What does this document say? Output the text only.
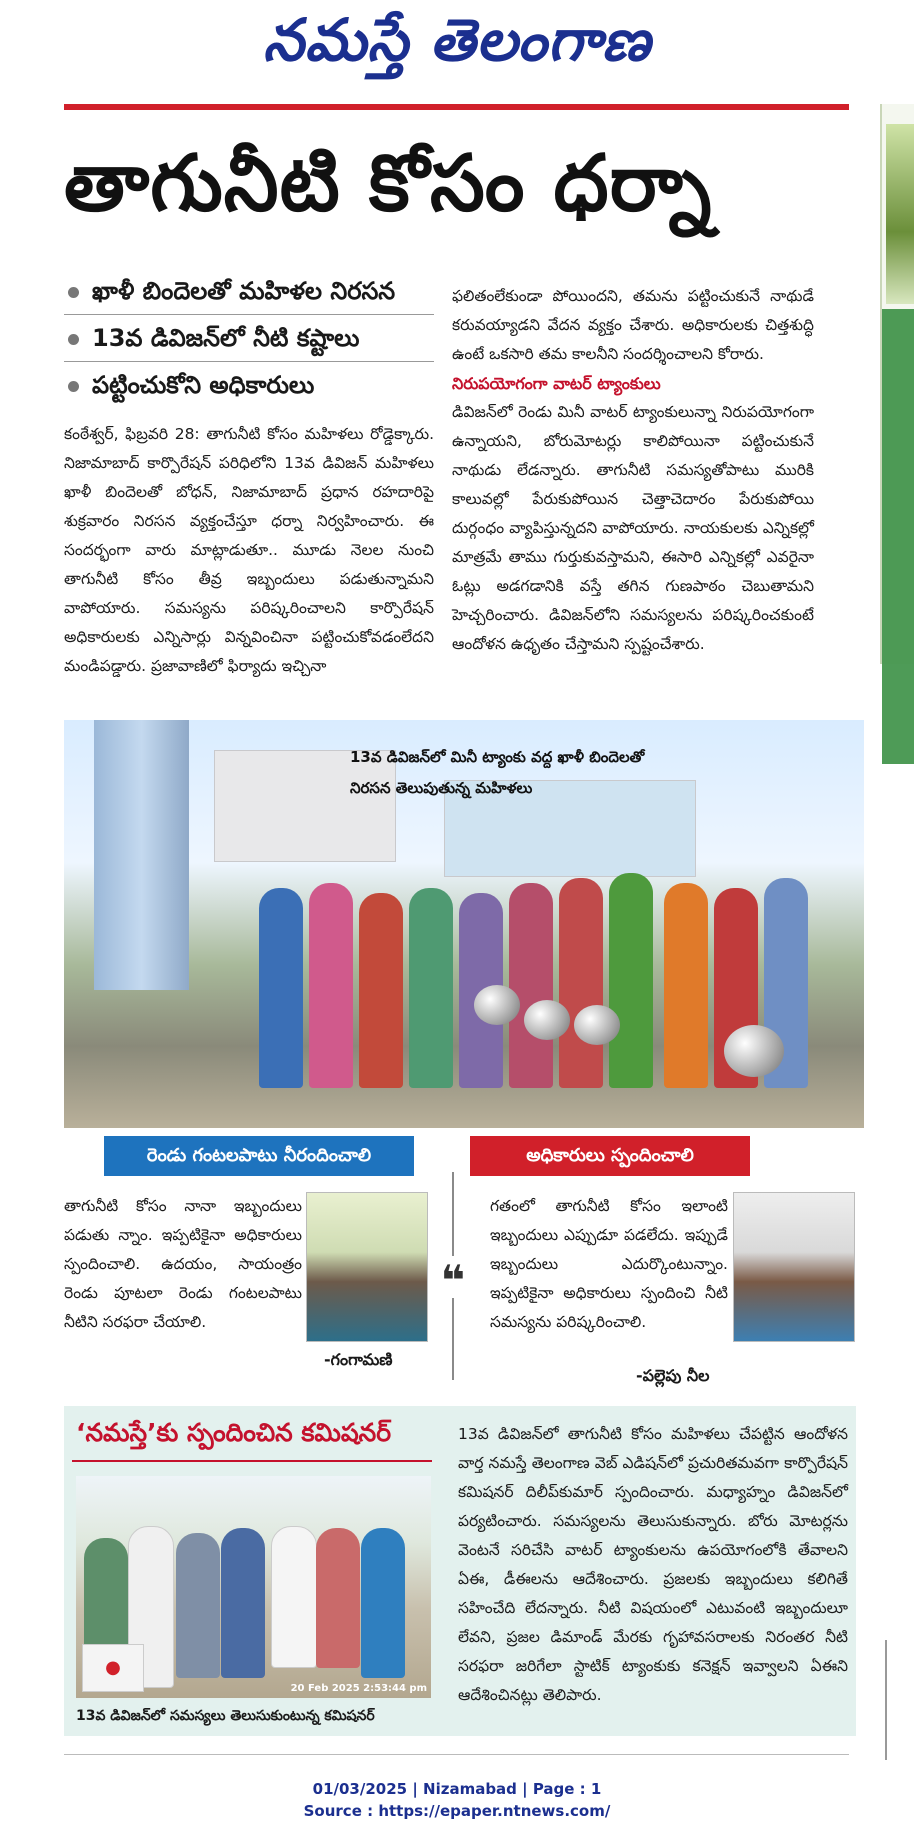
నమస్తే తెలంగాణ
తాగునీటి కోసం ధర్నా
ఖాళీ బిందెలతో మహిళల నిరసన
13వ డివిజన్‌లో నీటి కష్టాలు
పట్టించుకోని అధికారులు
కంఠేశ్వర్, ఫిబ్రవరి 28: తాగునీటి కోసం మహిళలు రోడ్డెక్కారు. నిజామాబాద్ కార్పొరేషన్ పరిధిలోని 13వ డివిజన్ మహిళలు ఖాళీ బిందెలతో బోధన్, నిజామాబాద్ ప్రధాన రహదారిపై శుక్రవారం నిరసన వ్యక్తంచేస్తూ ధర్నా నిర్వహించారు. ఈ సందర్భంగా వారు మాట్లాడుతూ.. మూడు నెలల నుంచి తాగునీటి కోసం తీవ్ర ఇబ్బందులు పడుతున్నామని వాపోయారు. సమస్యను పరిష్కరించాలని కార్పొరేషన్ అధికారులకు ఎన్నిసార్లు విన్నవించినా పట్టించుకోవడంలేదని మండిపడ్డారు. ప్రజావాణిలో ఫిర్యాదు ఇచ్చినా
ఫలితంలేకుండా పోయిందని, తమను పట్టించుకునే నాథుడే కరువయ్యాడని వేదన వ్యక్తం చేశారు. అధికారులకు చిత్తశుద్ధి ఉంటే ఒకసారి తమ కాలనీని సందర్శించాలని కోరారు.
నిరుపయోగంగా వాటర్ ట్యాంకులు
డివిజన్‌లో రెండు మినీ వాటర్ ట్యాంకులున్నా నిరుపయోగంగా ఉన్నాయని, బోరుమోటర్లు కాలిపోయినా పట్టించుకునే నాథుడు లేడన్నారు. తాగునీటి సమస్యతోపాటు మురికి కాలువల్లో పేరుకుపోయిన చెత్తాచెదారం పేరుకుపోయి దుర్గంధం వ్యాపిస్తున్నదని వాపోయారు. నాయకులకు ఎన్నికల్లో మాత్రమే తాము గుర్తుకువస్తామని, ఈసారి ఎన్నికల్లో ఎవరైనా ఓట్లు అడగడానికి వస్తే తగిన గుణపాఠం చెబుతామని హెచ్చరించారు. డివిజన్‌లోని సమస్యలను పరిష్కరించకుంటే ఆందోళన ఉధృతం చేస్తామని స్పష్టంచేశారు.
13వ డివిజన్‌లో మినీ ట్యాంకు వద్ద ఖాళీ బిందెలతో నిరసన తెలుపుతున్న మహిళలు
రెండు గంటలపాటు నీరందించాలి	అధికారులు స్పందించాలి
తాగునీటి కోసం నానా ఇబ్బందులు పడుతు న్నాం. ఇప్పటికైనా అధికారులు స్పందించాలి. ఉదయం, సాయంత్రం రెండు పూటలా రెండు గంటలపాటు నీటిని సరఫరా చేయాలి.
-గంగామణి
❝
గతంలో తాగునీటి కోసం ఇలాంటి ఇబ్బందులు ఎప్పుడూ పడలేదు. ఇప్పుడే ఇబ్బందులు ఎదుర్కొంటున్నాం. ఇప్పటికైనా అధికారులు స్పందించి నీటి సమస్యను పరిష్కరించాలి.
-పల్లెపు నీల
‘నమస్తే’కు స్పందించిన కమిషనర్
20 Feb 2025 2:53:44 pm
●
13వ డివిజన్‌లో సమస్యలు తెలుసుకుంటున్న కమిషనర్
13వ డివిజన్‌లో తాగునీటి కోసం మహిళలు చేపట్టిన ఆందోళన వార్త నమస్తే తెలంగాణ వెబ్ ఎడిషన్‌లో ప్రచురితమవగా కార్పొరేషన్ కమిషనర్ దిలీప్‌కుమార్ స్పందించారు. మధ్యాహ్నం డివిజన్‌లో పర్యటించారు. సమస్యలను తెలుసుకున్నారు. బోరు మోటర్లను వెంటనే సరిచేసి వాటర్ ట్యాంకులను ఉపయోగంలోకి తేవాలని ఏఈ, డీఈలను ఆదేశించారు. ప్రజలకు ఇబ్బందులు కలిగితే సహించేది లేదన్నారు. నీటి విషయంలో ఎటువంటి ఇబ్బందులూ లేవని, ప్రజల డిమాండ్ మేరకు గృహావసరాలకు నిరంతర నీటి సరఫరా జరిగేలా స్టాటిక్ ట్యాంకుకు కనెక్షన్ ఇవ్వాలని ఏఈని ఆదేశించినట్లు తెలిపారు.
01/03/2025 | Nizamabad | Page : 1
Source : https://epaper.ntnews.com/
